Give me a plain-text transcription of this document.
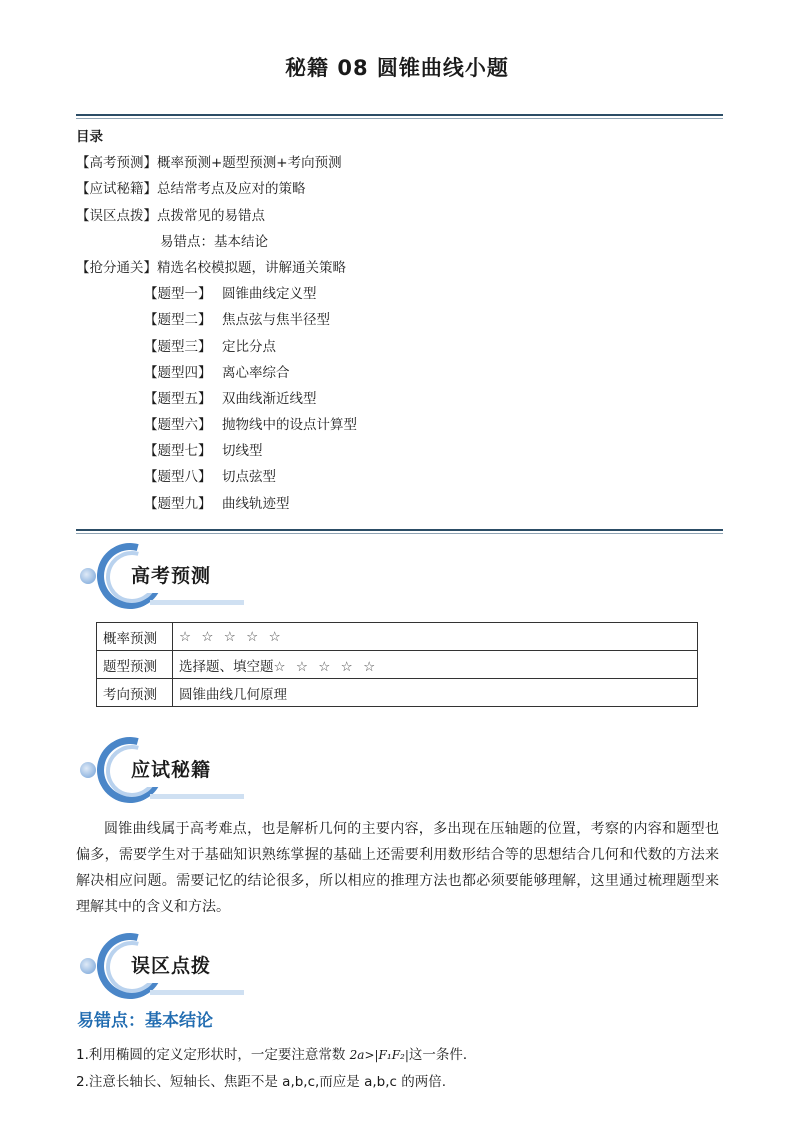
秘籍 08 圆锥曲线小题
目录
【高考预测】概率预测+题型预测+考向预测
【应试秘籍】总结常考点及应对的策略
【误区点拨】点拨常见的易错点
易错点：基本结论
【抢分通关】精选名校模拟题，讲解通关策略
【题型一】 圆锥曲线定义型
【题型二】 焦点弦与焦半径型
【题型三】 定比分点
【题型四】 离心率综合
【题型五】 双曲线渐近线型
【题型六】 抛物线中的设点计算型
【题型七】 切线型
【题型八】 切点弦型
【题型九】 曲线轨迹型
高考预测
概率预测	☆ ☆ ☆ ☆ ☆
题型预测	选择题、填空题☆ ☆ ☆ ☆ ☆
考向预测	圆锥曲线几何原理
应试秘籍
圆锥曲线属于高考难点，也是解析几何的主要内容，多出现在压轴题的位置，考察的内容和题型也偏多，需要学生对于基础知识熟练掌握的基础上还需要利用数形结合等的思想结合几何和代数的方法来解决相应问题。需要记忆的结论很多，所以相应的推理方法也都必须要能够理解，这里通过梳理题型来理解其中的含义和方法。
误区点拨
易错点：基本结论
1.利用椭圆的定义定形状时，一定要注意常数 2a>|F₁F₂|这一条件．
2.注意长轴长、短轴长、焦距不是 a,b,c,而应是 a,b,c 的两倍.
